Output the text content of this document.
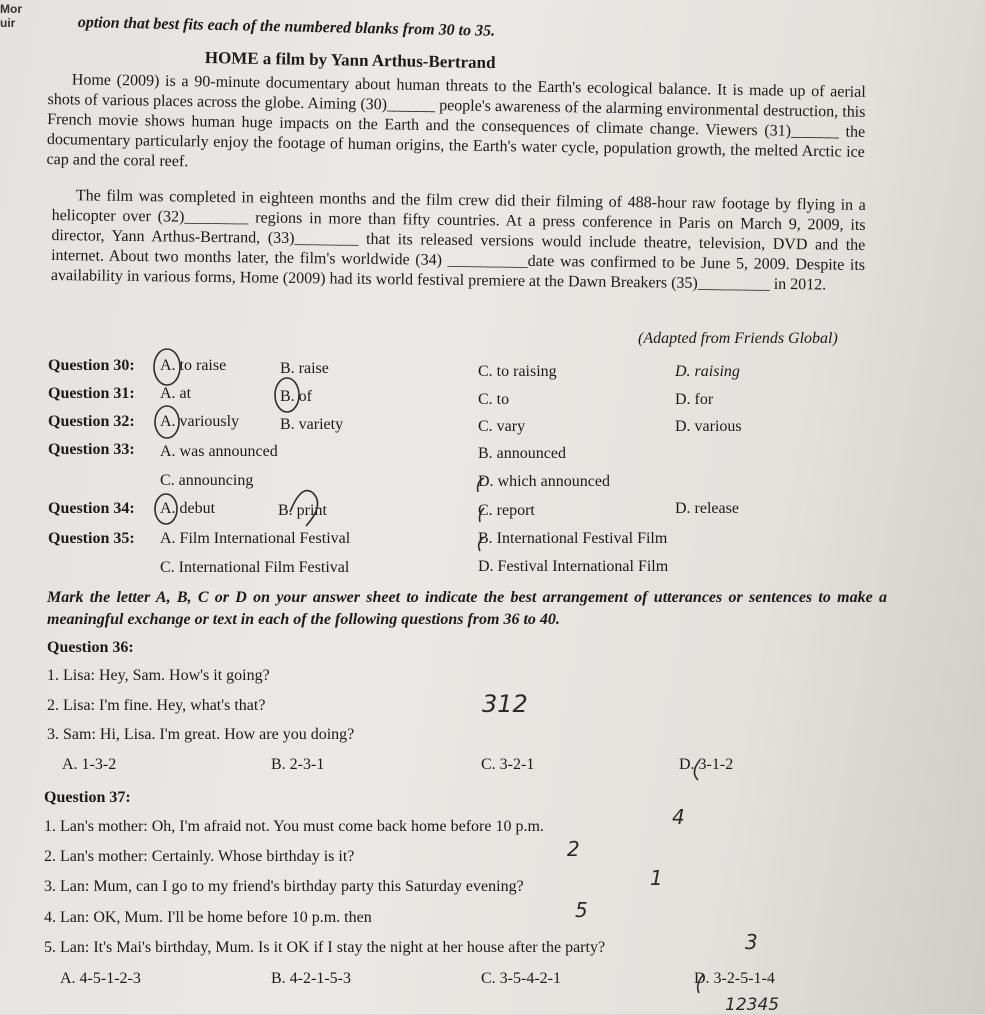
Mor
uir	option that best fits each of the numbered blanks from 30 to 35.
HOME a film by Yann Arthus-Bertrand
Home (2009) is a 90-minute documentary about human threats to the Earth's ecological balance. It is made up of aerial shots of various places across the globe. Aiming (30)______ people's awareness of the alarming environmental destruction, this French movie shows human huge impacts on the Earth and the consequences of climate change. Viewers (31)______ the documentary particularly enjoy the footage of human origins, the Earth's water cycle, population growth, the melted Arctic ice cap and the coral reef.
The film was completed in eighteen months and the film crew did their filming of 488-hour raw footage by flying in a helicopter over (32)________ regions in more than fifty countries. At a press conference in Paris on March 9, 2009, its director, Yann Arthus-Bertrand, (33)________ that its released versions would include theatre, television, DVD and the internet. About two months later, the film's worldwide (34) __________date was confirmed to be June 5, 2009. Despite its availability in various forms, Home (2009) had its world festival premiere at the Dawn Breakers (35)_________ in 2012.
(Adapted from Friends Global)
Question 30: A. to raise	B. raise	C. to raising	D. raising
Question 31: A. at	B. of	C. to	D. for
Question 32: A. variously	B. variety	C. vary	D. various
Question 33: A. was announced	B. announced
C. announcing	D. which announced
Question 34: A. debut	B. print	C. report	D. release
Question 35: A. Film International Festival	B. International Festival Film
C. International Film Festival	D. Festival International Film
Mark the letter A, B, C or D on your answer sheet to indicate the best arrangement of utterances or sentences to make a meaningful exchange or text in each of the following questions from 36 to 40.
Question 36:
1. Lisa: Hey, Sam. How's it going?
2. Lisa: I'm fine. Hey, what's that?
3. Sam: Hi, Lisa. I'm great. How are you doing?
A. 1-3-2	B. 2-3-1	C. 3-2-1	D. 3-1-2
312
Question 37:
1. Lan's mother: Oh, I'm afraid not. You must come back home before 10 p.m.
2. Lan's mother: Certainly. Whose birthday is it?
3. Lan: Mum, can I go to my friend's birthday party this Saturday evening?
4. Lan: OK, Mum. I'll be home before 10 p.m. then
5. Lan: It's Mai's birthday, Mum. Is it OK if I stay the night at her house after the party?
A. 4-5-1-2-3	B. 4-2-1-5-3	C. 3-5-4-2-1	D. 3-2-5-1-4
4
2
1
5
3
12345
